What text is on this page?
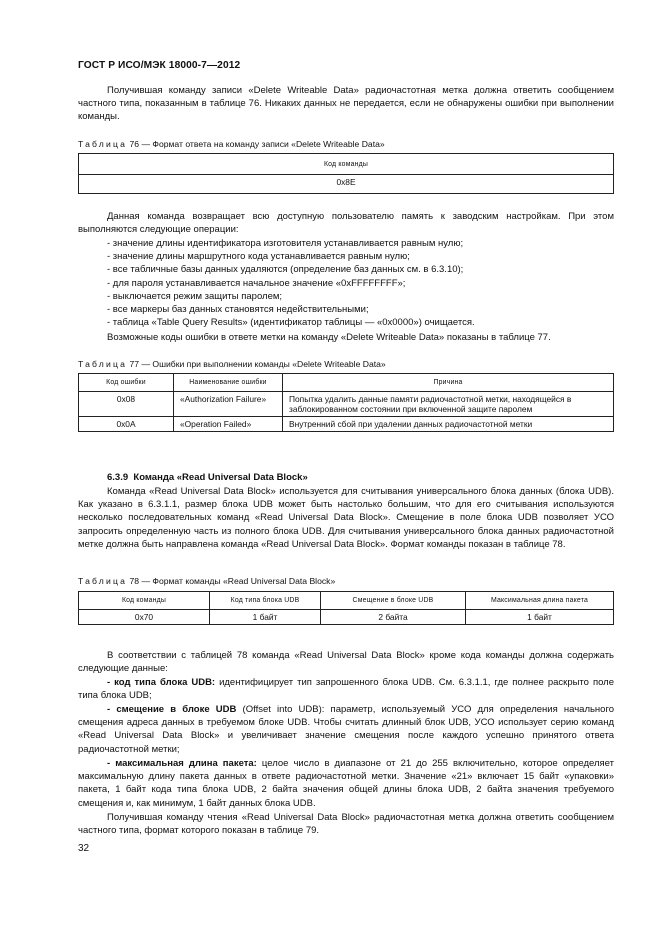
ГОСТ Р ИСО/МЭК 18000-7—2012
Получившая команду записи «Delete Writeable Data» радиочастотная метка должна ответить сообщением частного типа, показанным в таблице 76. Никаких данных не передается, если не обнаружены ошибки при выполнении команды.
Таблица 76 — Формат ответа на команду записи «Delete Writeable Data»
Код команды
0x8E
Данная команда возвращает всю доступную пользователю память к заводским настройкам. При этом выполняются следующие операции:
- значение длины идентификатора изготовителя устанавливается равным нулю;
- значение длины маршрутного кода устанавливается равным нулю;
- все табличные базы данных удаляются (определение баз данных см. в 6.3.10);
- для пароля устанавливается начальное значение «0xFFFFFFFF»;
- выключается режим защиты паролем;
- все маркеры баз данных становятся недействительными;
- таблица «Table Query Results» (идентификатор таблицы — «0x0000») очищается.
Возможные коды ошибки в ответе метки на команду «Delete Writeable Data» показаны в таблице 77.
Таблица 77 — Ошибки при выполнении команды «Delete Writeable Data»
Код ошибки	Наименование ошибки	Причина
0x08	«Authorization Failure»	Попытка удалить данные памяти радиочастотной метки, находящейся в заблокированном состоянии при включенной защите паролем
0x0A	«Operation Failed»	Внутренний сбой при удалении данных радиочастотной метки
6.3.9 Команда «Read Universal Data Block»
Команда «Read Universal Data Block» используется для считывания универсального блока данных (блока UDB). Как указано в 6.3.1.1, размер блока UDB может быть настолько большим, что для его считывания используются несколько последовательных команд «Read Universal Data Block». Смещение в поле блока UDB позволяет УСО запросить определенную часть из полного блока UDB. Для считывания универсального блока данных радиочастотной метке должна быть направлена команда «Read Universal Data Block». Формат команды показан в таблице 78.
Таблица 78 — Формат команды «Read Universal Data Block»
Код команды	Код типа блока UDB	Смещение в блоке UDB	Максимальная длина пакета
0x70	1 байт	2 байта	1 байт
В соответствии с таблицей 78 команда «Read Universal Data Block» кроме кода команды должна содержать следующие данные:
- код типа блока UDB: идентифицирует тип запрошенного блока UDB. См. 6.3.1.1, где полнее раскрыто поле типа блока UDB;
- смещение в блоке UDB (Offset into UDB): параметр, используемый УСО для определения начального смещения адреса данных в требуемом блоке UDB. Чтобы считать длинный блок UDB, УСО использует серию команд «Read Universal Data Block» и увеличивает значение смещения после каждого успешно принятого ответа радиочастотной метки;
- максимальная длина пакета: целое число в диапазоне от 21 до 255 включительно, которое определяет максимальную длину пакета данных в ответе радиочастотной метки. Значение «21» включает 15 байт «упаковки» пакета, 1 байт кода типа блока UDB, 2 байта значения общей длины блока UDB, 2 байта значения требуемого смещения и, как минимум, 1 байт данных блока UDB.
Получившая команду чтения «Read Universal Data Block» радиочастотная метка должна ответить сообщением частного типа, формат которого показан в таблице 79.
32
